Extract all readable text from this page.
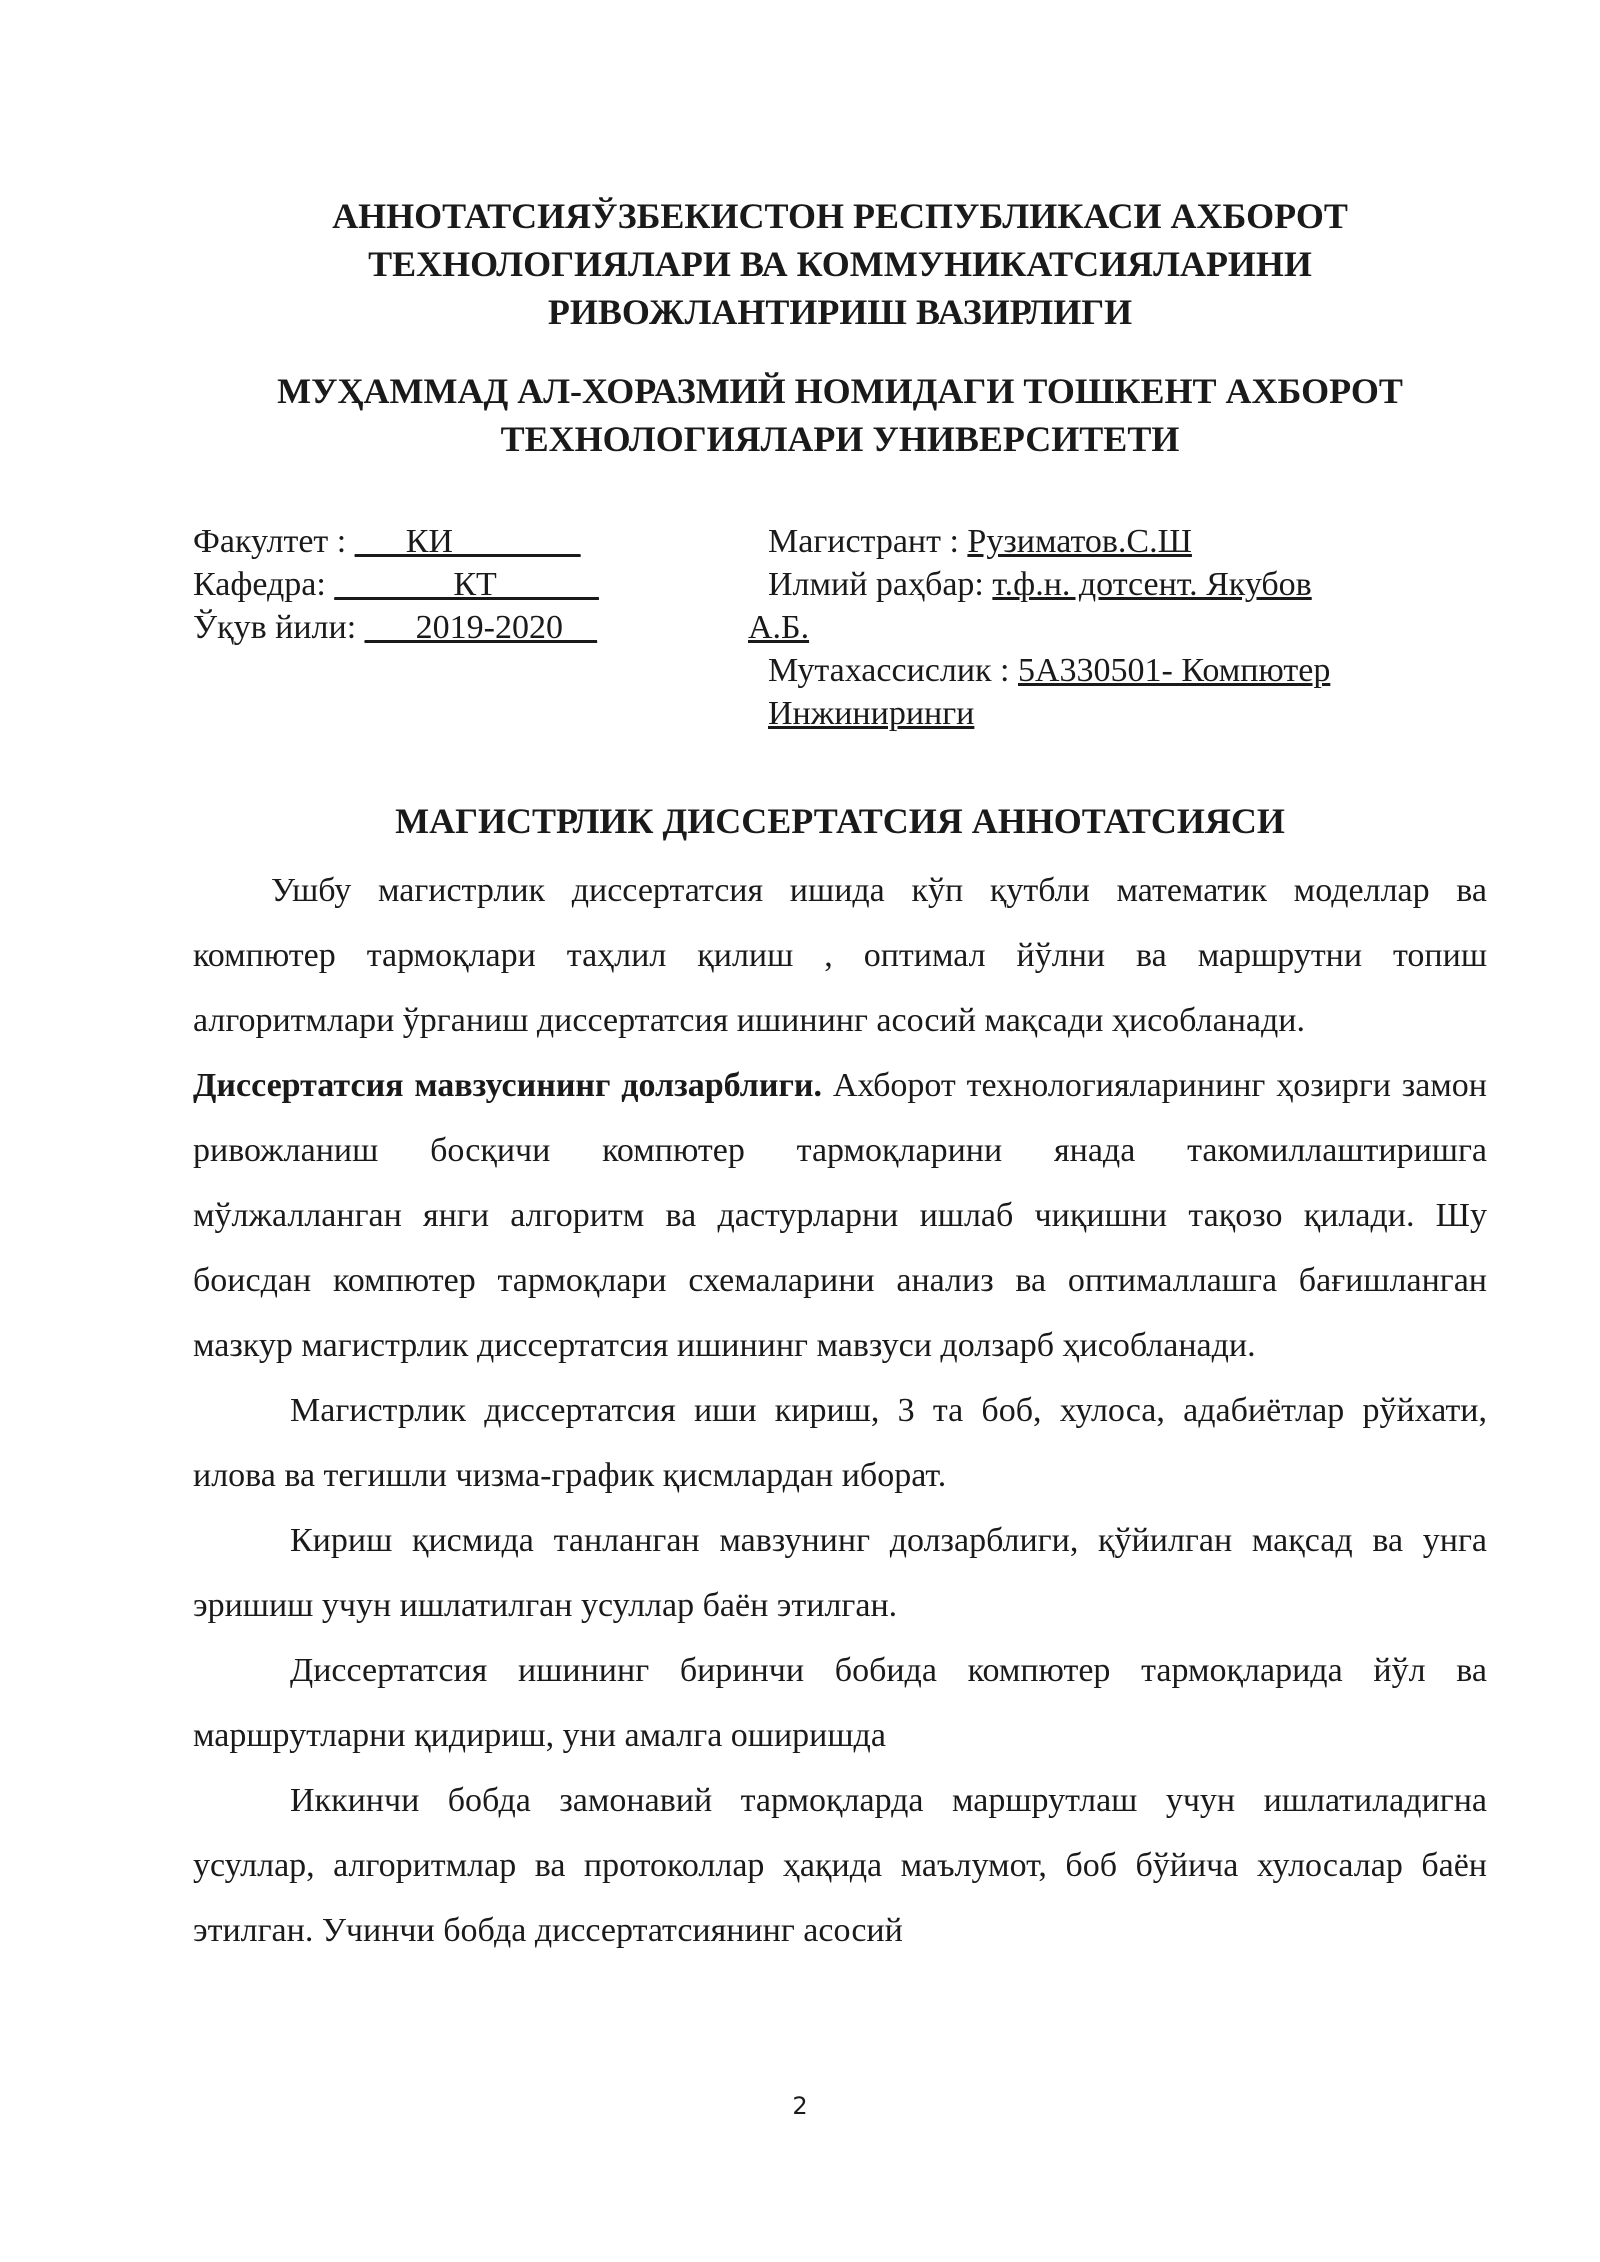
АННОТАТСИЯЎЗБЕКИСТОН РЕСПУБЛИКАСИ АХБОРОТ ТЕХНОЛОГИЯЛАРИ ВА КОММУНИКАТСИЯЛАРИНИ РИВОЖЛАНТИРИШ ВАЗИРЛИГИ
МУҲАММАД АЛ-ХОРАЗМИЙ НОМИДАГИ ТОШКЕНТ АХБОРОТ ТЕХНОЛОГИЯЛАРИ УНИВЕРСИТЕТИ
Факултет : ___КИ _______
Кафедра: _______КТ______
Ўқув йили: ___2019-2020__
Магистрант : Рузиматов.С.Ш
Илмий раҳбар: т.ф.н. дотсент. Якубов
А.Б.
Мутахассислик : 5А330501- Компютер
Инжиниринги
МАГИСТРЛИК ДИССЕРТАТСИЯ АННОТАТСИЯСИ

Ушбу магистрлик диссертатсия ишида кўп қутбли математик моделлар ва компютер тармоқлари таҳлил қилиш , оптимал йўлни ва маршрутни топиш алгоритмлари ўрганиш диссертатсия ишининг асосий мақсади ҳисобланади.

Диссертатсия мавзусининг долзарблиги. Ахборот технологияларининг ҳозирги замон ривожланиш босқичи компютер тармоқларини янада такомиллаштиришга мўлжалланган янги алгоритм ва дастурларни ишлаб чиқишни тақозо қилади. Шу боисдан компютер тармоқлари схемаларини анализ ва оптималлашга бағишланган мазкур магистрлик диссертатсия ишининг мавзуси долзарб ҳисобланади.

Магистрлик диссертатсия иши кириш, 3 та боб, хулоса, адабиётлар рўйхати, илова ва тегишли чизма-график қисмлардан иборат.

Кириш қисмида танланган мавзунинг долзарблиги, қўйилган мақсад ва унга эришиш учун ишлатилган усуллар баён этилган.

Диссертатсия ишининг биринчи бобида компютер тармоқларида йўл ва маршрутларни қидириш, уни амалга оширишда

Иккинчи бобда замонавий тармоқларда маршрутлаш учун ишлатиладигна усуллар, алгоритмлар ва протоколлар ҳақида маълумот, боб бўйича хулосалар баён этилган. Учинчи бобда диссертатсиянинг асосий

2
